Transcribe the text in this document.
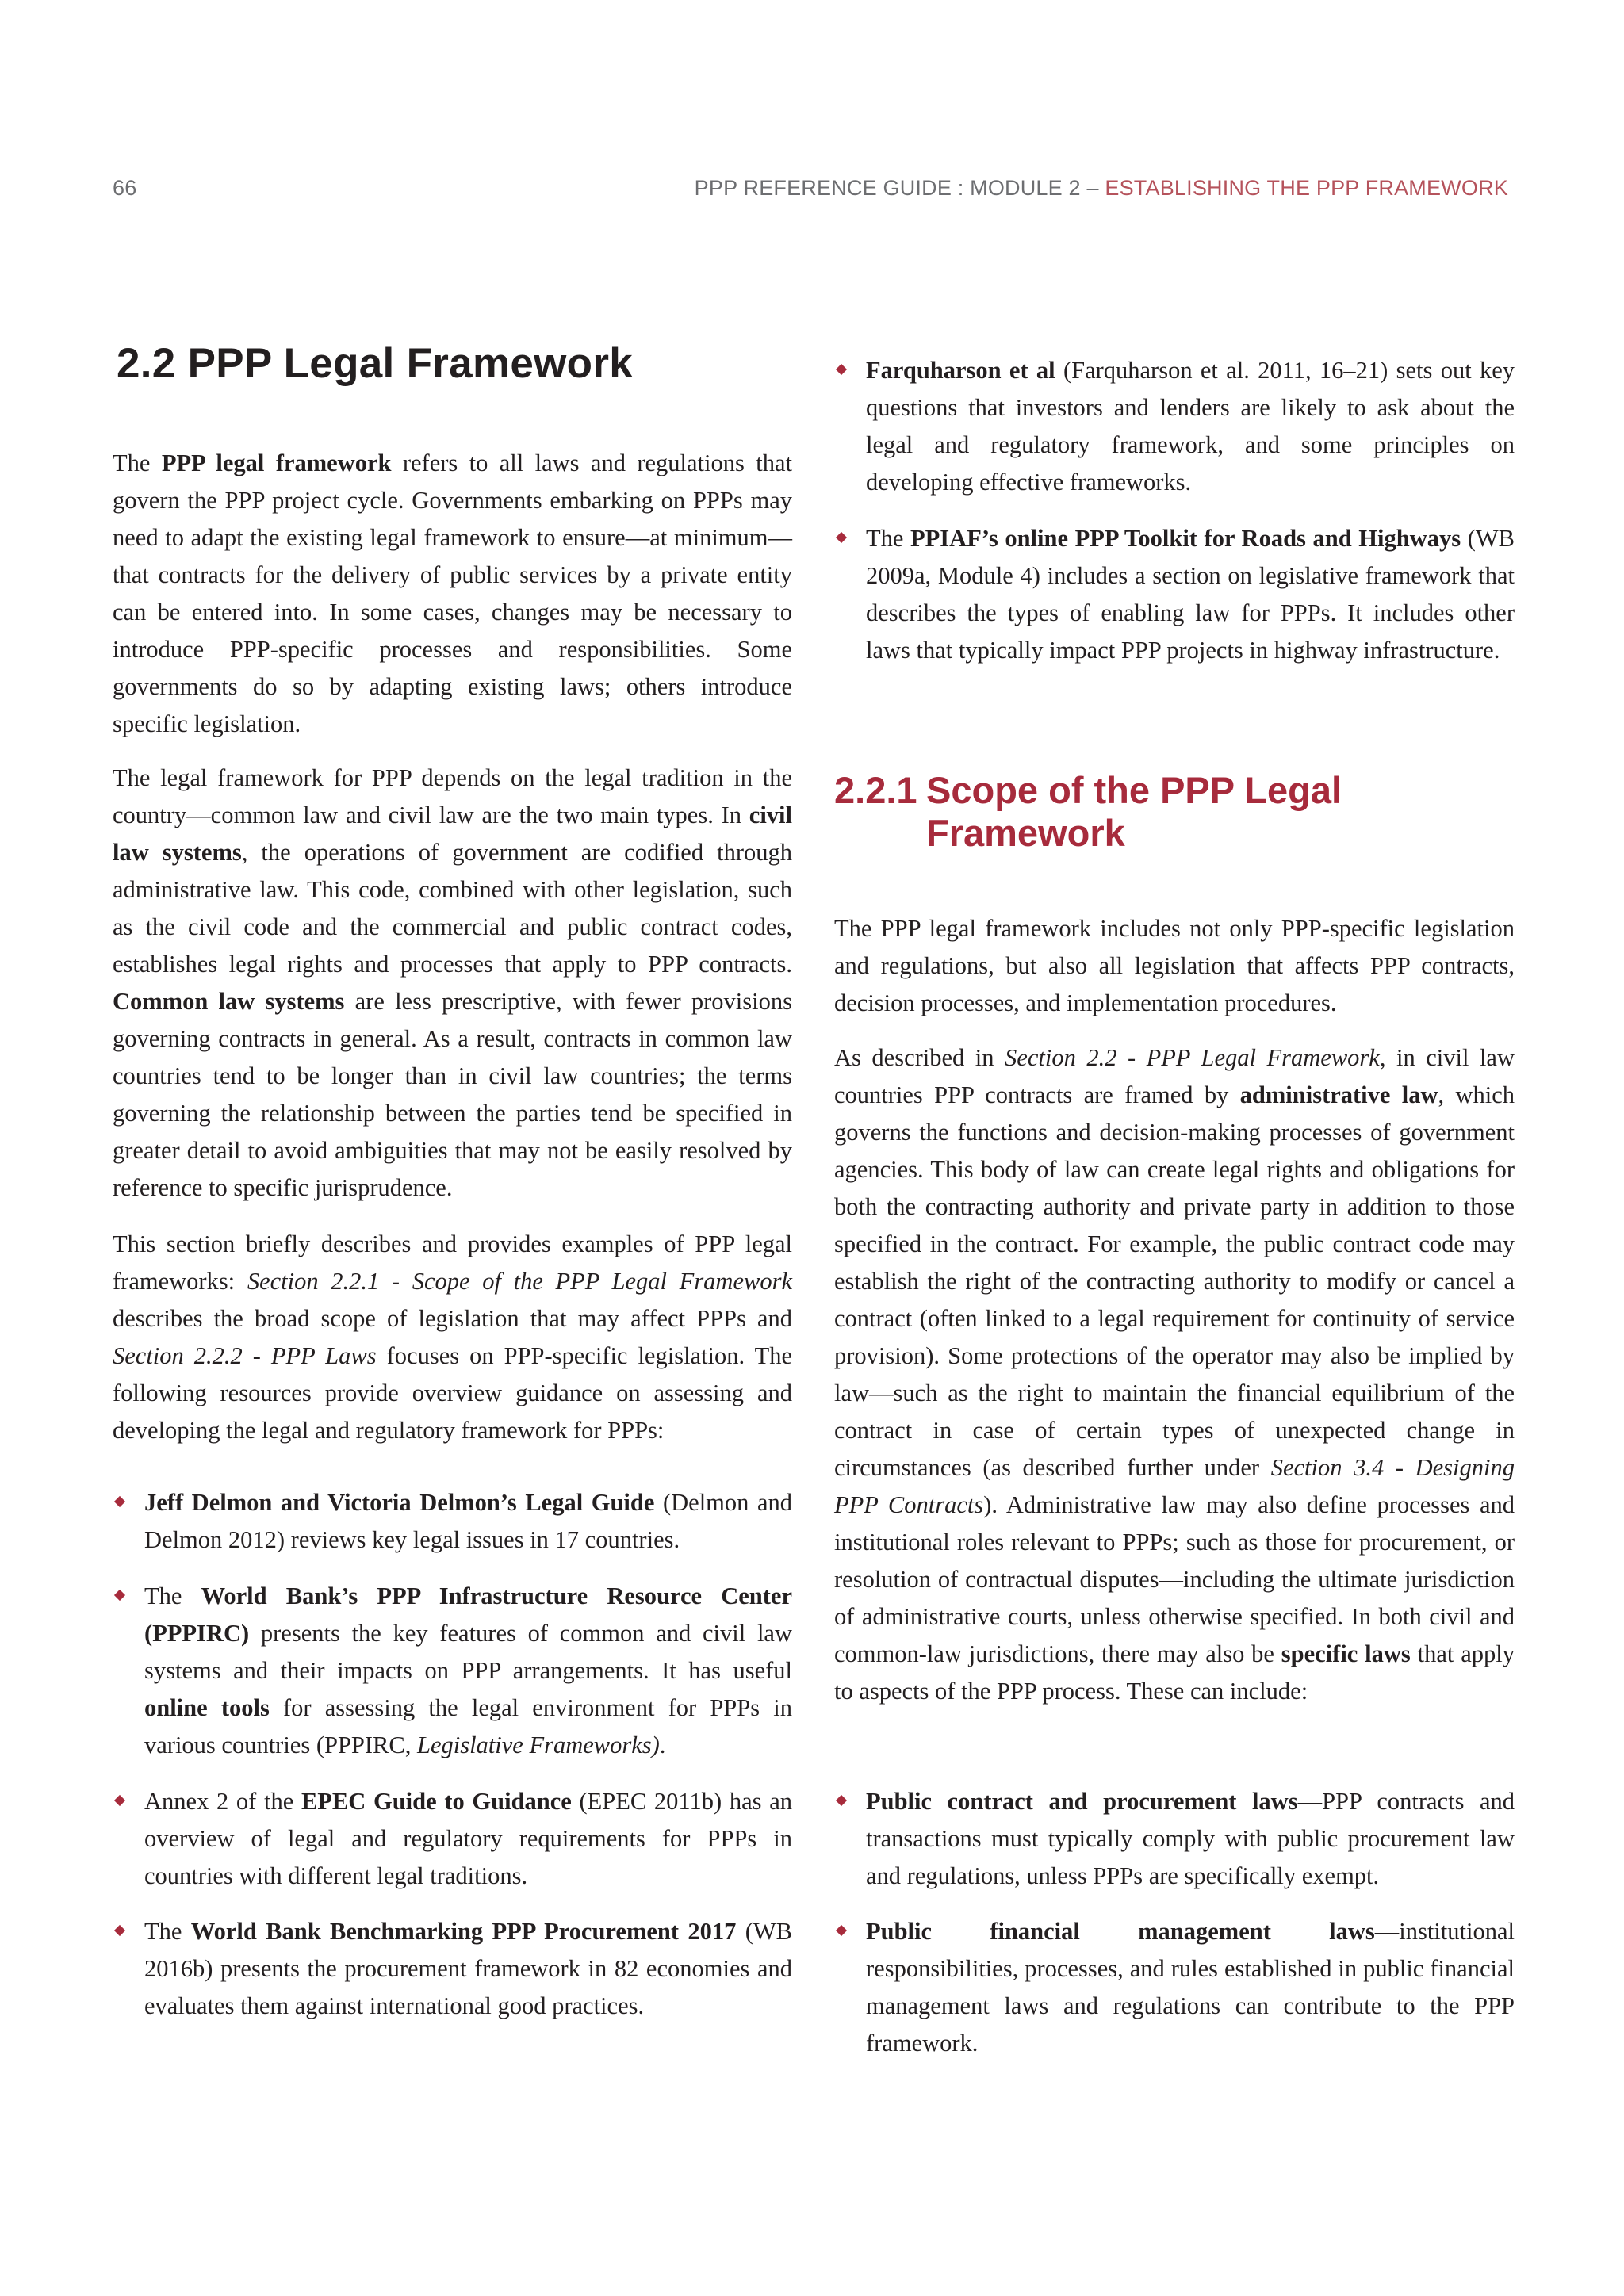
66	PPP REFERENCE GUIDE : MODULE 2 – ESTABLISHING THE PPP FRAMEWORK
2.2 PPP Legal Framework

The PPP legal framework refers to all laws and regulations that govern the PPP project cycle. Governments embarking on PPPs may need to adapt the existing legal framework to ensure—at minimum—that contracts for the delivery of public services by a private entity can be entered into. In some cases, changes may be necessary to introduce PPP-specific processes and responsibilities. Some governments do so by adapting existing laws; others introduce specific legislation.

The legal framework for PPP depends on the legal tradition in the country—common law and civil law are the two main types. In civil law systems, the operations of government are codified through administrative law. This code, combined with other legislation, such as the civil code and the commercial and public contract codes, establishes legal rights and processes that apply to PPP contracts. Common law systems are less prescriptive, with fewer provisions governing contracts in general. As a result, contracts in common law countries tend to be longer than in civil law countries; the terms governing the relationship between the parties tend be specified in greater detail to avoid ambiguities that may not be easily resolved by reference to specific jurisprudence.

This section briefly describes and provides examples of PPP legal frameworks: Section 2.2.1 - Scope of the PPP Legal Framework describes the broad scope of legislation that may affect PPPs and Section 2.2.2 - PPP Laws focuses on PPP-specific legislation. The following resources provide overview guidance on assessing and developing the legal and regulatory framework for PPPs:

Jeff Delmon and Victoria Delmon’s Legal Guide (Delmon and Delmon 2012) reviews key legal issues in 17 countries.
The World Bank’s PPP Infrastructure Resource Center (PPPIRC) presents the key features of common and civil law systems and their impacts on PPP arrangements. It has useful online tools for assessing the legal environment for PPPs in various countries (PPPIRC, Legislative Frameworks).
Annex 2 of the EPEC Guide to Guidance (EPEC 2011b) has an overview of legal and regulatory requirements for PPPs in countries with different legal traditions.
The World Bank Benchmarking PPP Procurement 2017 (WB 2016b) presents the procurement framework in 82 economies and evaluates them against international good practices.
Farquharson et al (Farquharson et al. 2011, 16–21) sets out key questions that investors and lenders are likely to ask about the legal and regulatory framework, and some principles on developing effective frameworks.
The PPIAF’s online PPP Toolkit for Roads and Highways (WB 2009a, Module 4) includes a section on legislative framework that describes the types of enabling law for PPPs. It includes other laws that typically impact PPP projects in highway infrastructure.
2.2.1 Scope of the PPP Legal
Framework

The PPP legal framework includes not only PPP-specific legislation and regulations, but also all legislation that affects PPP contracts, decision processes, and implementation procedures.

As described in Section 2.2 - PPP Legal Framework, in civil law countries PPP contracts are framed by administrative law, which governs the functions and decision-making processes of government agencies. This body of law can create legal rights and obligations for both the contracting authority and private party in addition to those specified in the contract. For example, the public contract code may establish the right of the contracting authority to modify or cancel a contract (often linked to a legal requirement for continuity of service provision). Some protections of the operator may also be implied by law—such as the right to maintain the financial equilibrium of the contract in case of certain types of unexpected change in circumstances (as described further under Section 3.4 - Designing PPP Contracts). Administrative law may also define processes and institutional roles relevant to PPPs; such as those for procurement, or resolution of contractual disputes—including the ultimate jurisdiction of administrative courts, unless otherwise specified. In both civil and common-law jurisdictions, there may also be specific laws that apply to aspects of the PPP process. These can include:

Public contract and procurement laws—PPP contracts and transactions must typically comply with public procurement law and regulations, unless PPPs are specifically exempt.
Public financial management laws—institutional responsibilities, processes, and rules established in public financial management laws and regulations can contribute to the PPP framework.
